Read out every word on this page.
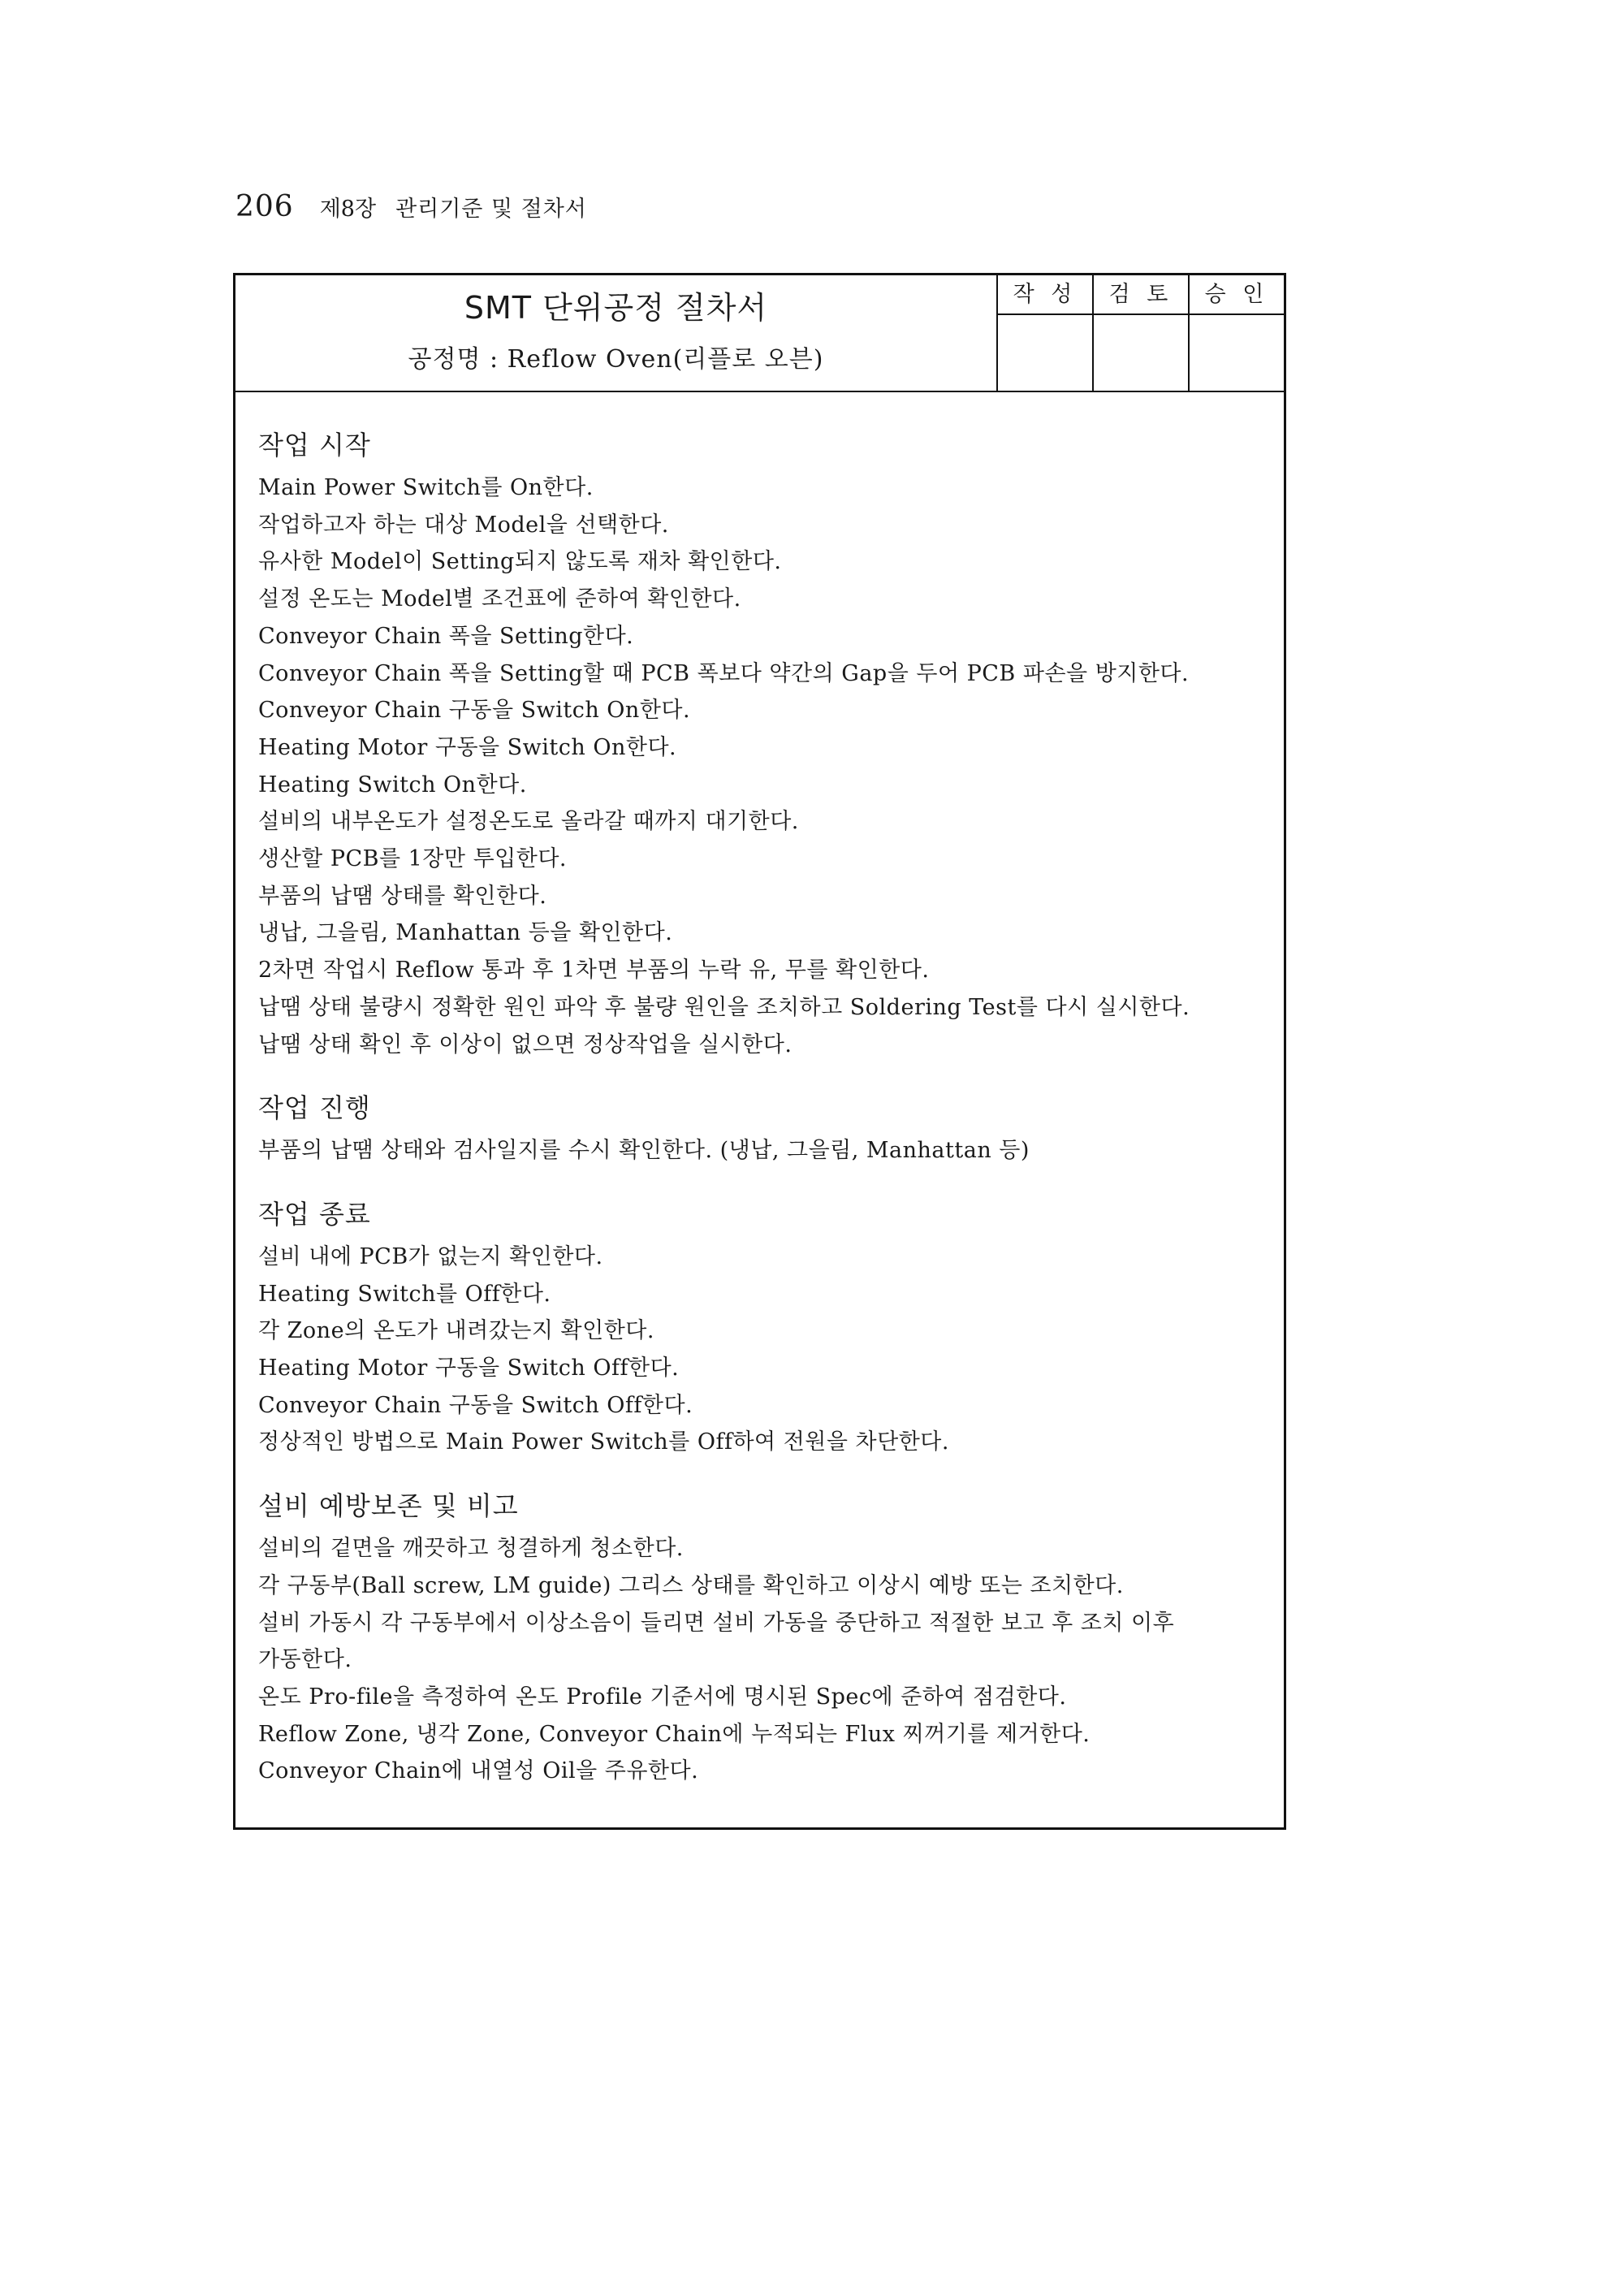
206 제8장 관리기준 및 절차서
SMT 단위공정 절차서
공정명 : Reflow Oven(리플로 오븐)
작 성	검 토	승 인
작업 시작
Main Power Switch를 On한다.
작업하고자 하는 대상 Model을 선택한다.
유사한 Model이 Setting되지 않도록 재차 확인한다.
설정 온도는 Model별 조건표에 준하여 확인한다.
Conveyor Chain 폭을 Setting한다.
Conveyor Chain 폭을 Setting할 때 PCB 폭보다 약간의 Gap을 두어 PCB 파손을 방지한다.
Conveyor Chain 구동을 Switch On한다.
Heating Motor 구동을 Switch On한다.
Heating Switch On한다.
설비의 내부온도가 설정온도로 올라갈 때까지 대기한다.
생산할 PCB를 1장만 투입한다.
부품의 납땜 상태를 확인한다.
냉납, 그을림, Manhattan 등을 확인한다.
2차면 작업시 Reflow 통과 후 1차면 부품의 누락 유, 무를 확인한다.
납땜 상태 불량시 정확한 원인 파악 후 불량 원인을 조치하고 Soldering Test를 다시 실시한다.
납땜 상태 확인 후 이상이 없으면 정상작업을 실시한다.
작업 진행
부품의 납땜 상태와 검사일지를 수시 확인한다. (냉납, 그을림, Manhattan 등)
작업 종료
설비 내에 PCB가 없는지 확인한다.
Heating Switch를 Off한다.
각 Zone의 온도가 내려갔는지 확인한다.
Heating Motor 구동을 Switch Off한다.
Conveyor Chain 구동을 Switch Off한다.
정상적인 방법으로 Main Power Switch를 Off하여 전원을 차단한다.
설비 예방보존 및 비고
설비의 겉면을 깨끗하고 청결하게 청소한다.
각 구동부(Ball screw, LM guide) 그리스 상태를 확인하고 이상시 예방 또는 조치한다.
설비 가동시 각 구동부에서 이상소음이 들리면 설비 가동을 중단하고 적절한 보고 후 조치 이후 가동한다.
온도 Pro-file을 측정하여 온도 Profile 기준서에 명시된 Spec에 준하여 점검한다.
Reflow Zone, 냉각 Zone, Conveyor Chain에 누적되는 Flux 찌꺼기를 제거한다.
Conveyor Chain에 내열성 Oil을 주유한다.
